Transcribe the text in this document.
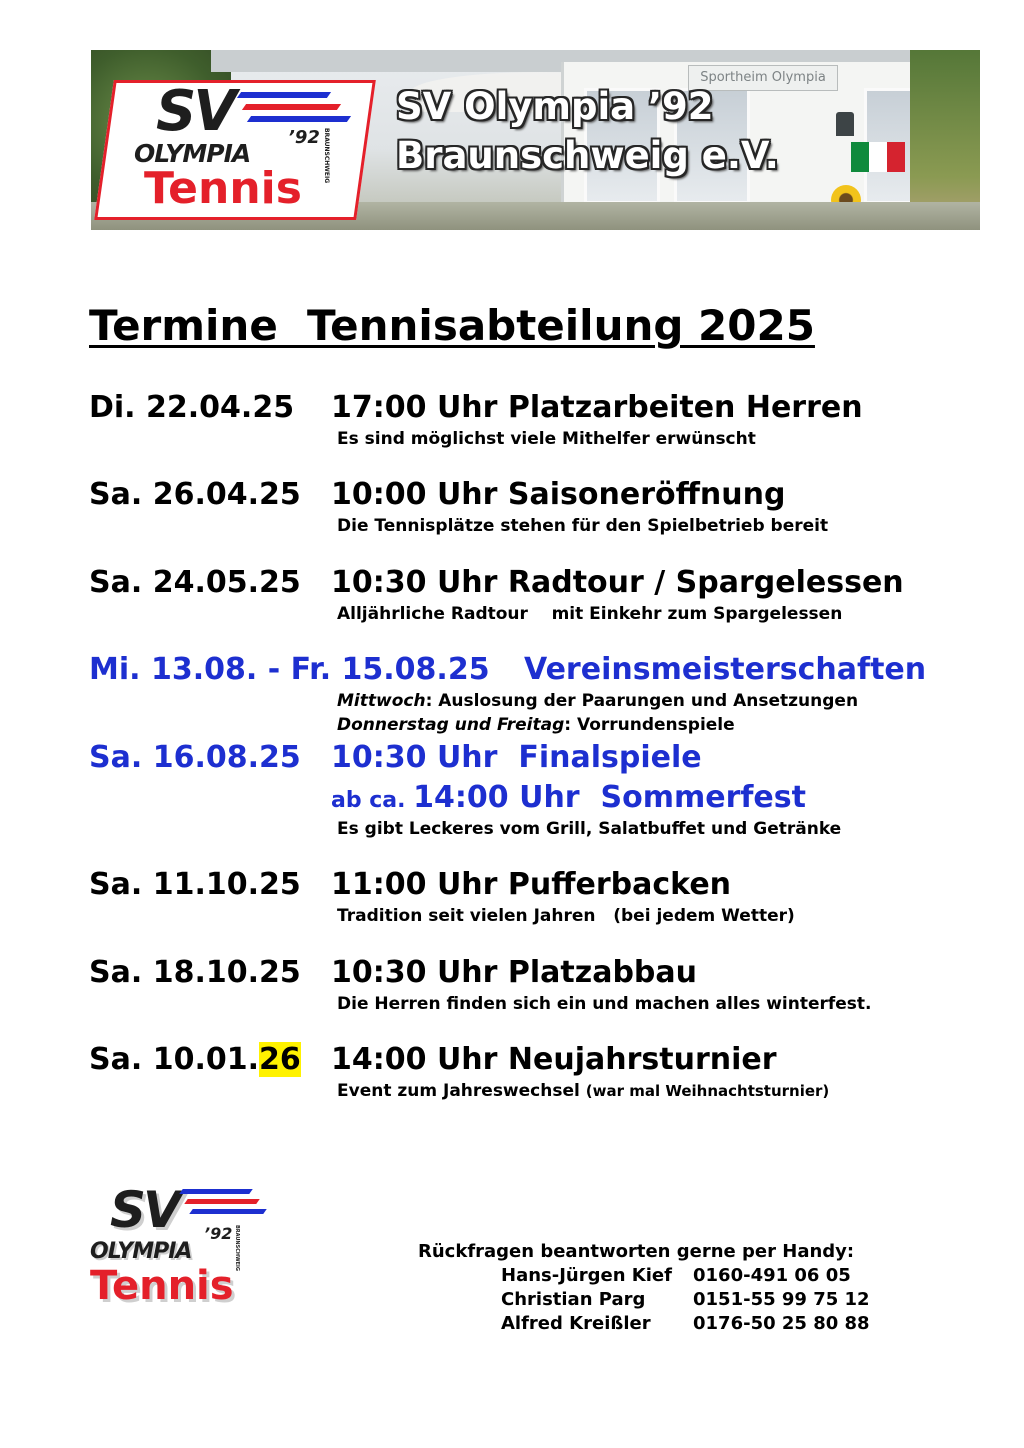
Sportheim Olympia
SV Olympia ’92
Braunschweig e.V.
SV
OLYMPIA
’92 BRAUNSCHWEIG
Tennis
Termine  Tennisabteilung 2025
Di. 22.04.25 17:00 Uhr Platzarbeiten Herren
Es sind möglichst viele Mithelfer erwünscht
Sa. 26.04.25 10:00 Uhr Saisoneröffnung
Die Tennisplätze stehen für den Spielbetrieb bereit
Sa. 24.05.25 10:30 Uhr Radtour / Spargelessen
Alljährliche Radtour    mit Einkehr zum Spargelessen
Mi. 13.08. - Fr. 15.08.25 Vereinsmeisterschaften
Mittwoch: Auslosung der Paarungen und Ansetzungen
Donnerstag und Freitag: Vorrundenspiele
Sa. 16.08.25 10:30 Uhr  Finalspiele
ab ca. 14:00 Uhr  Sommerfest
Es gibt Leckeres vom Grill, Salatbuffet und Getränke
Sa. 11.10.25 11:00 Uhr Pufferbacken
Tradition seit vielen Jahren   (bei jedem Wetter)
Sa. 18.10.25 10:30 Uhr Platzabbau
Die Herren finden sich ein und machen alles winterfest.
Sa. 10.01.26 14:00 Uhr Neujahrsturnier
Event zum Jahreswechsel (war mal Weihnachtsturnier)
SV
OLYMPIA
’92 BRAUNSCHWEIG
Tennis
Rückfragen beantworten gerne per Handy:
Hans-Jürgen Kief 0160-491 06 05
Christian Parg	0151-55 99 75 12
Alfred Kreißler 0176-50 25 80 88
